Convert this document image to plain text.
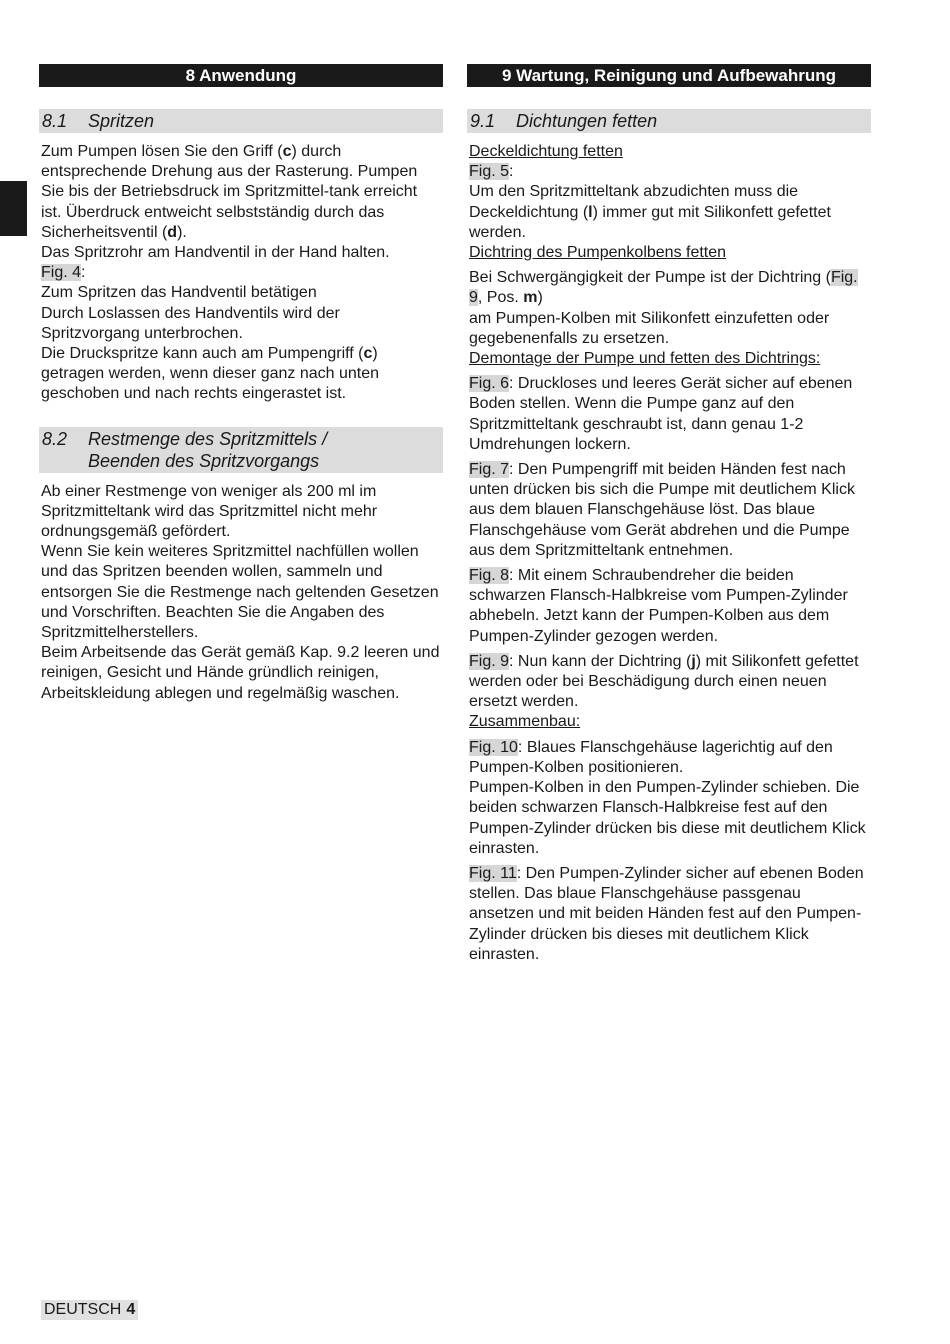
8 Anwendung
8.1	Spritzen

Zum Pumpen lösen Sie den Griff (c) durch entsprechende Drehung aus der Rasterung. Pumpen Sie bis der Betriebsdruck im Spritzmittel-tank erreicht ist. Überdruck entweicht selbstständig durch das Sicherheitsventil (d).

Das Spritzrohr am Handventil in der Hand halten.

Fig. 4:

Zum Spritzen das Handventil betätigen

Durch Loslassen des Handventils wird der Spritzvorgang unterbrochen.

Die Druckspritze kann auch am Pumpengriff (c) getragen werden, wenn dieser ganz nach unten geschoben und nach rechts eingerastet ist.

8.2	Restmenge des Spritzmittels /
Beenden des Spritzvorgangs

Ab einer Restmenge von weniger als 200 ml im Spritzmitteltank wird das Spritzmittel nicht mehr ordnungsgemäß gefördert.

Wenn Sie kein weiteres Spritzmittel nachfüllen wollen und das Spritzen beenden wollen, sammeln und entsorgen Sie die Restmenge nach geltenden Gesetzen und Vorschriften. Beachten Sie die Angaben des Spritzmittelherstellers.

Beim Arbeitsende das Gerät gemäß Kap. 9.2 leeren und reinigen, Gesicht und Hände gründlich reinigen, Arbeitskleidung ablegen und regelmäßig waschen.

9 Wartung, Reinigung und Aufbewahrung
9.1	Dichtungen fetten

Deckeldichtung fetten

Fig. 5:

Um den Spritzmitteltank abzudichten muss die Deckeldichtung (l) immer gut mit Silikonfett gefettet werden.

Dichtring des Pumpenkolbens fetten

Bei Schwergängigkeit der Pumpe ist der Dichtring (Fig. 9, Pos. m)

am Pumpen-Kolben mit Silikonfett einzufetten oder gegebenenfalls zu ersetzen.

Demontage der Pumpe und fetten des Dichtrings:

Fig. 6: Druckloses und leeres Gerät sicher auf ebenen Boden stellen. Wenn die Pumpe ganz auf den Spritzmitteltank geschraubt ist, dann genau 1-2 Umdrehungen lockern.

Fig. 7: Den Pumpengriff mit beiden Händen fest nach unten drücken bis sich die Pumpe mit deutlichem Klick aus dem blauen Flanschgehäuse löst. Das blaue Flanschgehäuse vom Gerät abdrehen und die Pumpe aus dem Spritzmitteltank entnehmen.

Fig. 8: Mit einem Schraubendreher die beiden schwarzen Flansch-Halbkreise vom Pumpen-Zylinder abhebeln. Jetzt kann der Pumpen-Kolben aus dem Pumpen-Zylinder gezogen werden.

Fig. 9: Nun kann der Dichtring (j) mit Silikonfett gefettet werden oder bei Beschädigung durch einen neuen ersetzt werden.

Zusammenbau:

Fig. 10: Blaues Flanschgehäuse lagerichtig auf den Pumpen-Kolben positionieren.

Pumpen-Kolben in den Pumpen-Zylinder schieben. Die beiden schwarzen Flansch-Halbkreise fest auf den Pumpen-Zylinder drücken bis diese mit deutlichem Klick einrasten.

Fig. 11: Den Pumpen-Zylinder sicher auf ebenen Boden stellen. Das blaue Flanschgehäuse passgenau ansetzen und mit beiden Händen fest auf den Pumpen-Zylinder drücken bis dieses mit deutlichem Klick einrasten.

DEUTSCH 4
